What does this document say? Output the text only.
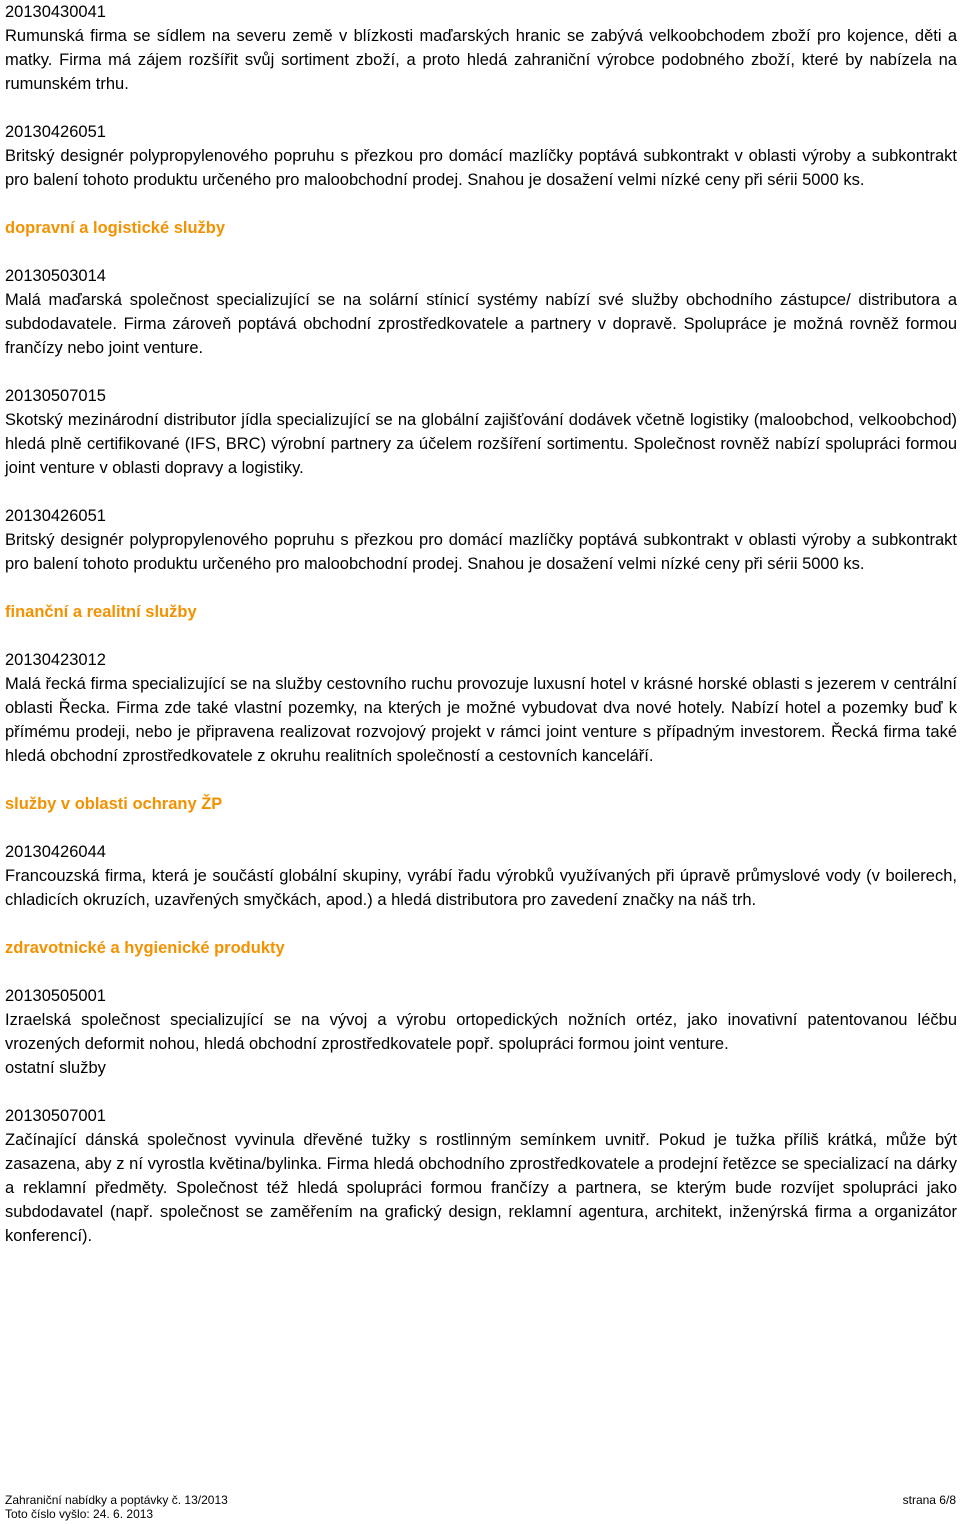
20130430041

Rumunská firma se sídlem na severu země v blízkosti maďarských hranic se zabývá velkoobchodem zboží pro kojence, děti a matky. Firma má zájem rozšířit svůj sortiment zboží, a proto hledá zahraniční výrobce podobného zboží, které by nabízela na rumunském trhu.

20130426051

Britský designér polypropylenového popruhu s přezkou pro domácí mazlíčky poptává subkontrakt v oblasti výroby a subkontrakt pro balení tohoto produktu určeného pro maloobchodní prodej. Snahou je dosažení velmi nízké ceny při sérii 5000 ks.

dopravní a logistické služby
20130503014

Malá maďarská společnost specializující se na solární stínicí systémy nabízí své služby obchodního zástupce/ distributora a subdodavatele. Firma zároveň poptává obchodní zprostředkovatele a partnery v dopravě. Spolupráce je možná rovněž formou frančízy nebo joint venture.

20130507015

Skotský mezinárodní distributor jídla specializující se na globální zajišťování dodávek včetně logistiky (maloobchod, velkoobchod) hledá plně certifikované (IFS, BRC) výrobní partnery za účelem rozšíření sortimentu. Společnost rovněž nabízí spolupráci formou joint venture v oblasti dopravy a logistiky.

20130426051

Britský designér polypropylenového popruhu s přezkou pro domácí mazlíčky poptává subkontrakt v oblasti výroby a subkontrakt pro balení tohoto produktu určeného pro maloobchodní prodej. Snahou je dosažení velmi nízké ceny při sérii 5000 ks.

finanční a realitní služby
20130423012

Malá řecká firma specializující se na služby cestovního ruchu provozuje luxusní hotel v krásné horské oblasti s jezerem v centrální oblasti Řecka. Firma zde také vlastní pozemky, na kterých je možné vybudovat dva nové hotely. Nabízí hotel a pozemky buď k přímému prodeji, nebo je připravena realizovat rozvojový projekt v rámci joint venture s případným investorem. Řecká firma také hledá obchodní zprostředkovatele z okruhu realitních společností a cestovních kanceláří.

služby v oblasti ochrany ŽP
20130426044

Francouzská firma, která je součástí globální skupiny, vyrábí řadu výrobků využívaných při úpravě průmyslové vody (v boilerech, chladicích okruzích, uzavřených smyčkách, apod.) a hledá distributora pro zavedení značky na náš trh.

zdravotnické a hygienické produkty
20130505001

Izraelská společnost specializující se na vývoj a výrobu ortopedických nožních ortéz, jako inovativní patentovanou léčbu vrozených deformit nohou, hledá obchodní zprostředkovatele popř. spolupráci formou joint venture.

ostatní služby
20130507001

Začínající dánská společnost vyvinula dřevěné tužky s rostlinným semínkem uvnitř. Pokud je tužka příliš krátká, může být zasazena, aby z ní vyrostla květina/bylinka. Firma hledá obchodního zprostředkovatele a prodejní řetězce se specializací na dárky a reklamní předměty. Společnost též hledá spolupráci formou frančízy a partnera, se kterým bude rozvíjet spolupráci jako subdodavatel (např. společnost se zaměřením na grafický design, reklamní agentura, architekt, inženýrská firma a organizátor konferencí).

Zahraniční nabídky a poptávky č. 13/2013	strana 6/8
Toto číslo vyšlo: 24. 6. 2013
